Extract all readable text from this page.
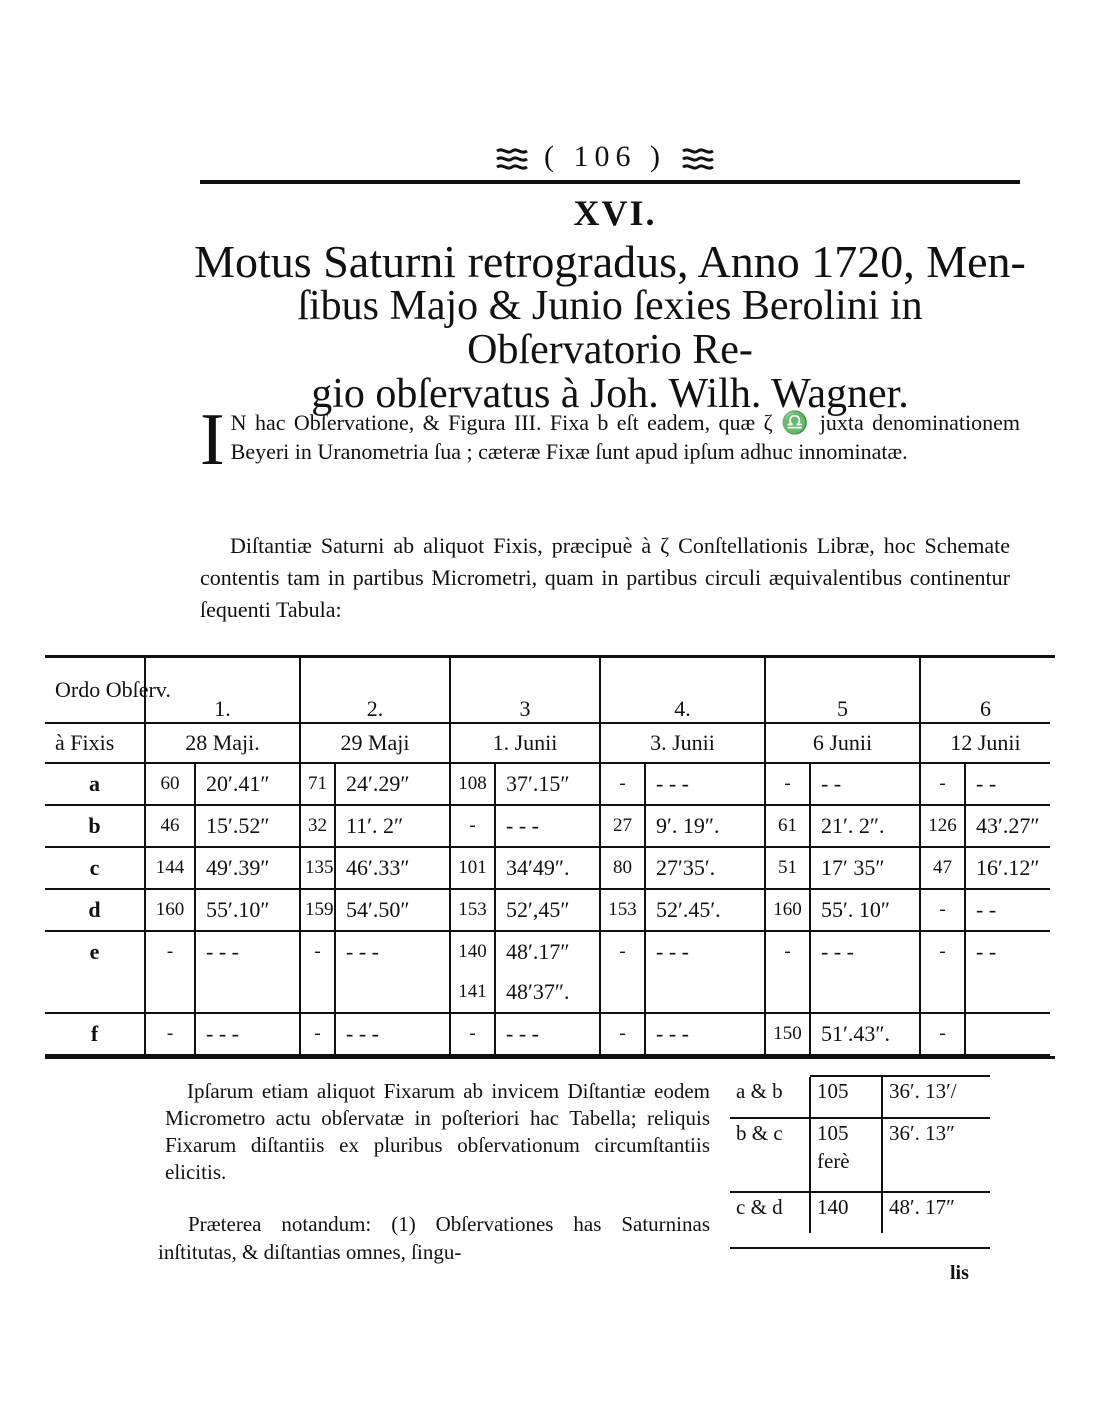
( 106 )
XVI.
Motus Saturni retrogradus, Anno 1720, Men-
ſibus Majo & Junio ſexies Berolini in Obſervatorio Re-
gio obſervatus à Joh. Wilh. Wagner.
I N hac Obſervatione, & Figura III. Fixa b eſt eadem, quæ ζ ♎ juxta denominationem Beyeri in Uranometria ſua ; cæteræ Fixæ ſunt apud ipſum adhuc innominatæ.

Diſtantiæ Saturni ab aliquot Fixis, præcipuè à ζ Conſtellationis Libræ, hoc Schemate contentis tam in partibus Micrometri, quam in partibus circuli æquivalentibus continentur ſequenti Tabula:

Ordo Obſerv.	1.		2.		3		4.		5		6	
à Fixis	28 Maji.		29 Maji		1. Junii		3. Junii		6 Junii		12 Junii	
a	60	20′.41″	71	24′.29″	108	37′.15″	-	- - -	-	- -	-	- -
b	46	15′.52″	32	11′. 2″	-	- - -	27	9′. 19″.	61	21′. 2″.	126	43′.27″
c	144	49′.39″	135	46′.33″	101	34′49″.	80	27′35′.	51	17′ 35″	47	16′.12″
d	160	55′.10″	159	54′.50″	153	52′,45″	153	52′.45′.	160	55′. 10″	-	- -
e	-	- - -	-	- - -	140	48′.17″	-	- - -	-	- - -	-	- -
					141	48′37″.						
f	-	- - -	-	- - -	-	- - -	-	- - -	150	51′.43″.	-	

Ipſarum etiam aliquot Fixarum ab invicem Diſtantiæ eodem Micrometro actu obſervatæ in poſteriori hac Tabella; reliquis Fixarum diſtantiis ex pluribus obſervationum circumſtantiis elicitis.

Præterea notandum: (1) Obſervationes has Saturninas inſtitutas, & diſtantias omnes, ſingu-

a & b	105	36′. 13′/
b & c	105 ferè	36′. 13″
c & d	140	48′. 17″
lis
